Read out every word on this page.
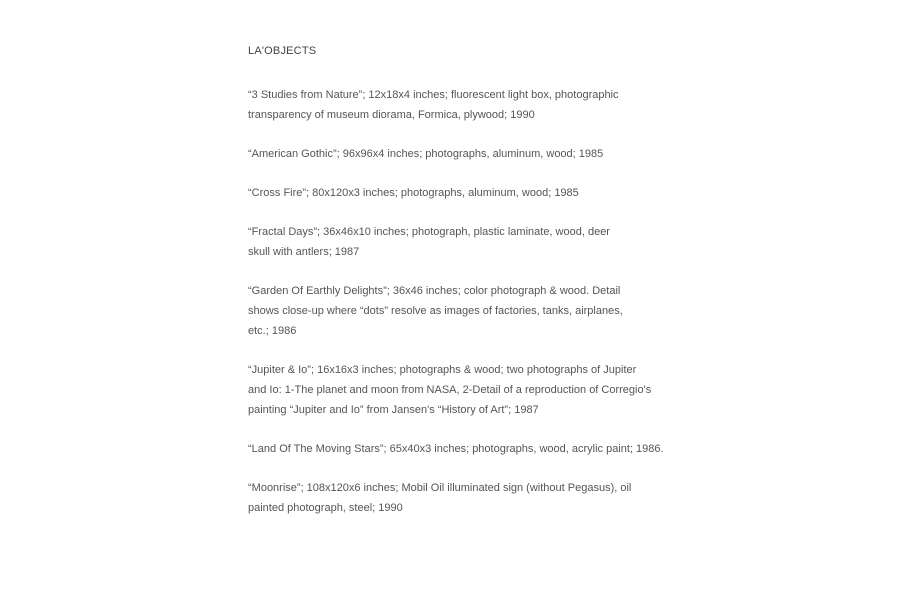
LA'OBJECTS

“3 Studies from Nature”; 12x18x4 inches; fluorescent light box, photographic
transparency of museum diorama, Formica, plywood; 1990

“American Gothic”; 96x96x4 inches; photographs, aluminum, wood; 1985

“Cross Fire”; 80x120x3 inches; photographs, aluminum, wood; 1985

“Fractal Days”; 36x46x10 inches; photograph, plastic laminate, wood, deer
skull with antlers; 1987

“Garden Of Earthly Delights”; 36x46 inches; color photograph & wood. Detail
shows close-up where “dots” resolve as images of factories, tanks, airplanes,
etc.; 1986

“Jupiter & Io”; 16x16x3 inches; photographs & wood; two photographs of Jupiter
and Io: 1-The planet and moon from NASA, 2-Detail of a reproduction of Corregio's
painting “Jupiter and Io” from Jansen's “History of Art”; 1987

“Land Of The Moving Stars”; 65x40x3 inches; photographs, wood, acrylic paint; 1986.

“Moonrise”; 108x120x6 inches; Mobil Oil illuminated sign (without Pegasus), oil
painted photograph, steel; 1990
